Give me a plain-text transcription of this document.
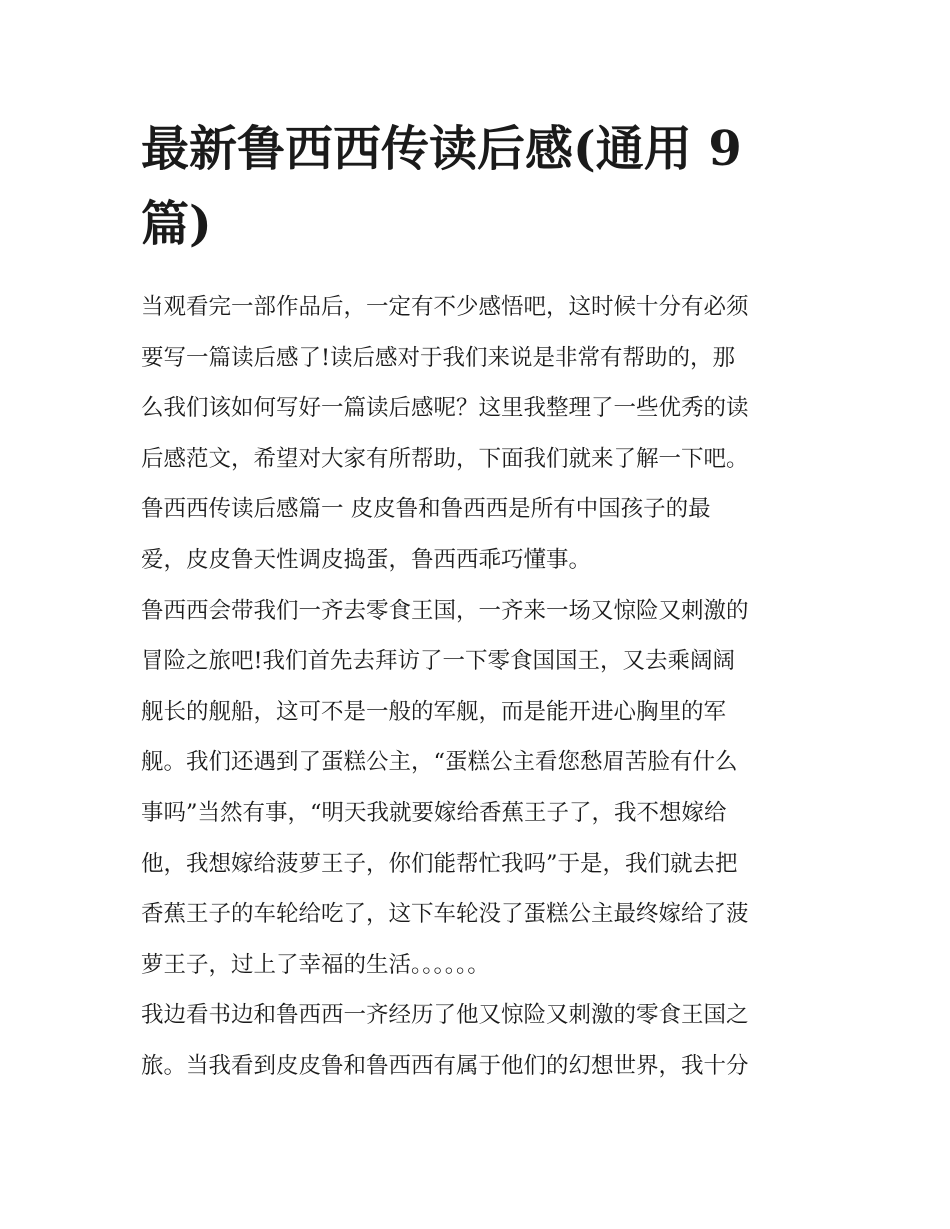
最新鲁西西传读后感(通用 9
篇)

当观看完一部作品后，一定有不少感悟吧，这时候十分有必须

要写一篇读后感了!读后感对于我们来说是非常有帮助的，那

么我们该如何写好一篇读后感呢？这里我整理了一些优秀的读

后感范文，希望对大家有所帮助，下面我们就来了解一下吧。

鲁西西传读后感篇一 皮皮鲁和鲁西西是所有中国孩子的最

爱，皮皮鲁天性调皮捣蛋，鲁西西乖巧懂事。

鲁西西会带我们一齐去零食王国，一齐来一场又惊险又刺激的

冒险之旅吧!我们首先去拜访了一下零食国国王，又去乘阔阔

舰长的舰船，这可不是一般的军舰，而是能开进心胸里的军

舰。我们还遇到了蛋糕公主，“蛋糕公主看您愁眉苦脸有什么

事吗”当然有事，“明天我就要嫁给香蕉王子了，我不想嫁给

他，我想嫁给菠萝王子，你们能帮忙我吗”于是，我们就去把

香蕉王子的车轮给吃了，这下车轮没了蛋糕公主最终嫁给了菠

萝王子，过上了幸福的生活。。。。。。

我边看书边和鲁西西一齐经历了他又惊险又刺激的零食王国之

旅。当我看到皮皮鲁和鲁西西有属于他们的幻想世界，我十分
